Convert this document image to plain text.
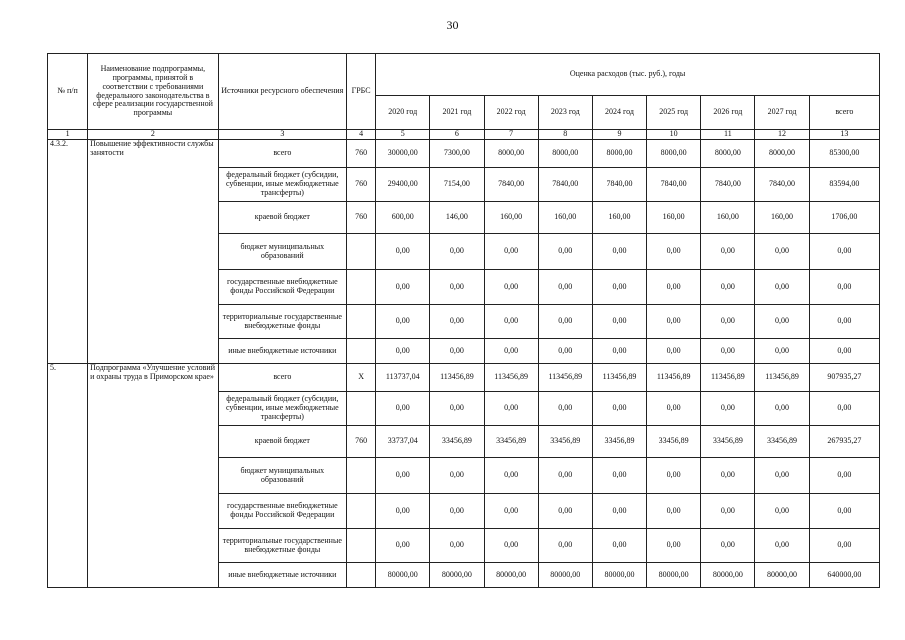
30
№ п/п	Наименование подпрограммы, программы, принятой в соответствии с требованиями федерального законодательства в сфере реализации государственной программы	Источники ресурсного обеспечения	ГРБС	Оценка расходов (тыс. руб.), годы								
				2020 год	2021 год	2022 год	2023 год	2024 год	2025 год	2026 год	2027 год	всего
1	2	3	4	5	6	7	8	9	10	11	12	13
4.3.2.	Повышение эффективности службы занятости	всего	760	30000,00	7300,00	8000,00	8000,00	8000,00	8000,00	8000,00	8000,00	85300,00
		федеральный бюджет (субсидии, субвенции, иные межбюджетные трансферты)	760	29400,00	7154,00	7840,00	7840,00	7840,00	7840,00	7840,00	7840,00	83594,00
		краевой бюджет	760	600,00	146,00	160,00	160,00	160,00	160,00	160,00	160,00	1706,00
		бюджет муниципальных образований		0,00	0,00	0,00	0,00	0,00	0,00	0,00	0,00	0,00
		государственные внебюджетные фонды Российской Федерации		0,00	0,00	0,00	0,00	0,00	0,00	0,00	0,00	0,00
		территориальные государственные внебюджетные фонды		0,00	0,00	0,00	0,00	0,00	0,00	0,00	0,00	0,00
		иные внебюджетные источники		0,00	0,00	0,00	0,00	0,00	0,00	0,00	0,00	0,00
5.	Подпрограмма «Улучшение условий и охраны труда в Приморском крае»	всего	Х	113737,04	113456,89	113456,89	113456,89	113456,89	113456,89	113456,89	113456,89	907935,27
		федеральный бюджет (субсидии, субвенции, иные межбюджетные трансферты)		0,00	0,00	0,00	0,00	0,00	0,00	0,00	0,00	0,00
		краевой бюджет	760	33737,04	33456,89	33456,89	33456,89	33456,89	33456,89	33456,89	33456,89	267935,27
		бюджет муниципальных образований		0,00	0,00	0,00	0,00	0,00	0,00	0,00	0,00	0,00
		государственные внебюджетные фонды Российской Федерации		0,00	0,00	0,00	0,00	0,00	0,00	0,00	0,00	0,00
		территориальные государственные внебюджетные фонды		0,00	0,00	0,00	0,00	0,00	0,00	0,00	0,00	0,00
		иные внебюджетные источники		80000,00	80000,00	80000,00	80000,00	80000,00	80000,00	80000,00	80000,00	640000,00
